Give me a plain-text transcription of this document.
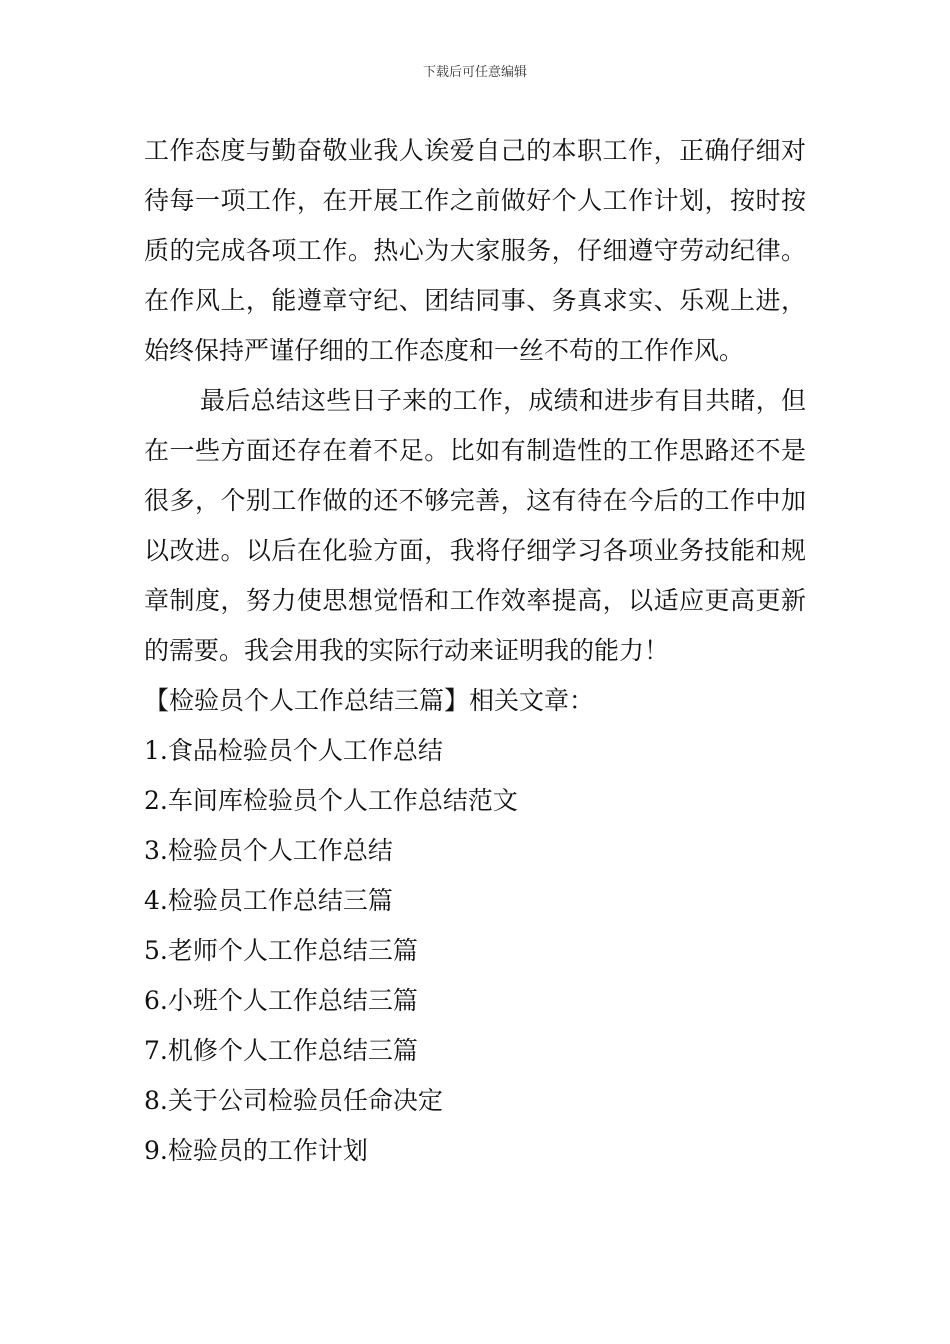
下载后可任意编辑

工作态度与勤奋敬业我人诶爱自己的本职工作，正确仔细对待每一项工作，在开展工作之前做好个人工作计划，按时按质的完成各项工作。热心为大家服务，仔细遵守劳动纪律。在作风上，能遵章守纪、团结同事、务真求实、乐观上进，始终保持严谨仔细的工作态度和一丝不苟的工作作风。

最后总结这些日子来的工作，成绩和进步有目共睹，但在一些方面还存在着不足。比如有制造性的工作思路还不是很多，个别工作做的还不够完善，这有待在今后的工作中加以改进。以后在化验方面，我将仔细学习各项业务技能和规章制度，努力使思想觉悟和工作效率提高，以适应更高更新的需要。我会用我的实际行动来证明我的能力！

【检验员个人工作总结三篇】相关文章：

1.食品检验员个人工作总结
2.车间库检验员个人工作总结范文
3.检验员个人工作总结
4.检验员工作总结三篇
5.老师个人工作总结三篇
6.小班个人工作总结三篇
7.机修个人工作总结三篇
8.关于公司检验员任命决定
9.检验员的工作计划
